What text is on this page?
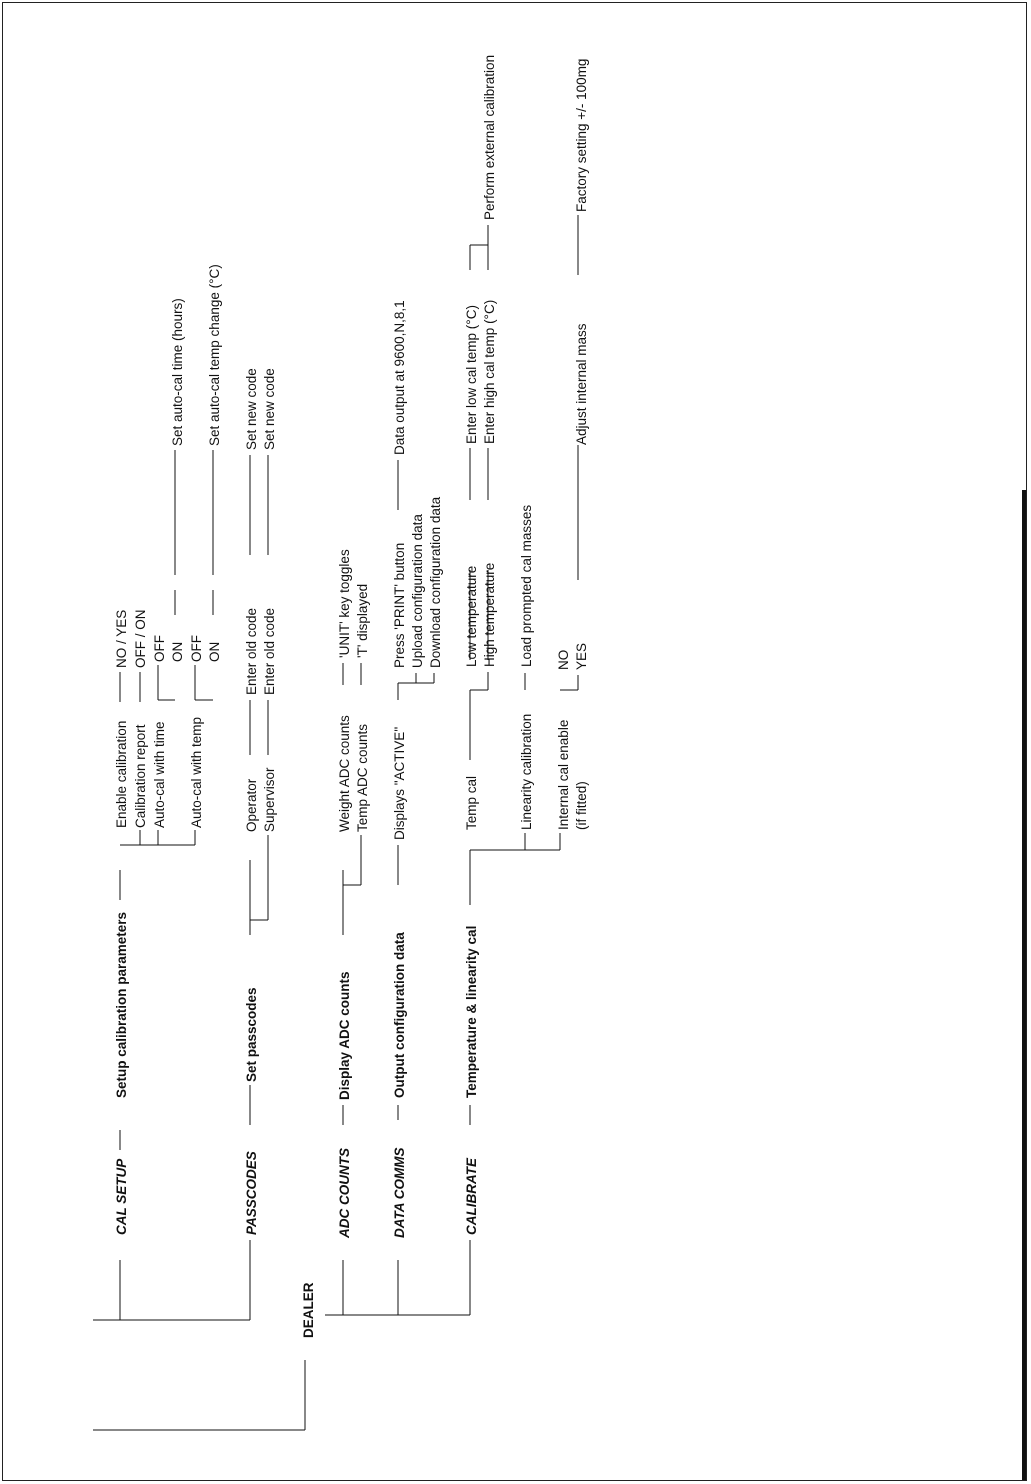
DEALER
CAL SETUP
Setup calibration parameters
Enable calibration Calibration report Auto-cal with time Auto-cal with temp
NO / YES OFF / ON OFF ON OFF ON
Set auto-cal time (hours) Set auto-cal temp change (°C)
PASSCODES
Set passcodes
Operator Supervisor
Enter old code Enter old code
Set new code Set new code
ADC COUNTS
Display ADC counts
Weight ADC counts Temp ADC counts
'UNIT' key toggles 'T' displayed
DATA COMMS
Output configuration data
Displays "ACTIVE"
Press 'PRINT' button Upload configuration data Download configuration data
Data output at 9600,N,8,1
CALIBRATE
Temperature & linearity cal
Temp cal
Low temperature High temperature
Enter low cal temp (°C) Enter high cal temp (°C)
Perform external calibration
Linearity calibration
Load prompted cal masses
Internal cal enable (if fitted)
NO YES
Adjust internal mass
Factory setting +/- 100mg
